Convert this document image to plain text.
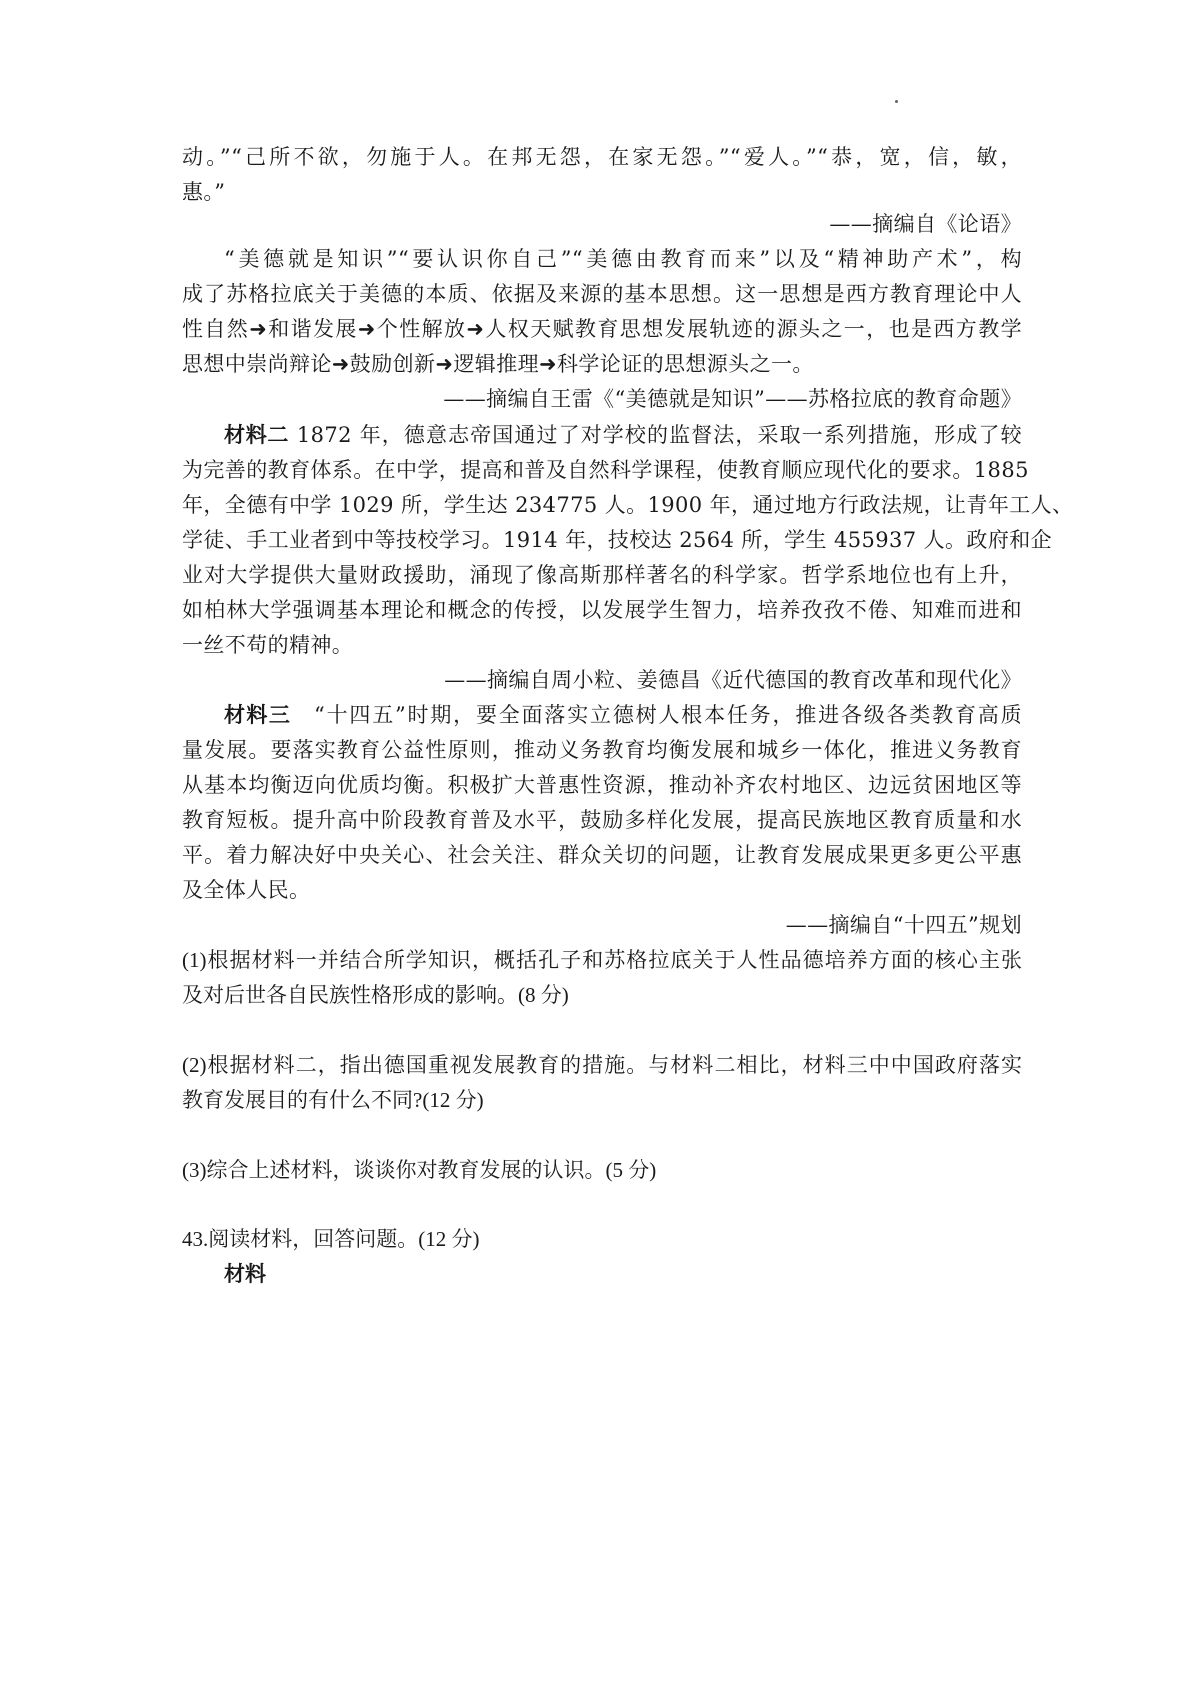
动。”“己所不欲，勿施于人。在邦无怨，在家无怨。”“爱人。”“恭，宽，信，敏，
惠。”
——摘编自《论语》
“美德就是知识”“要认识你自己”“美德由教育而来”以及“精神助产术”，构
成了苏格拉底关于美德的本质、依据及来源的基本思想。这一思想是西方教育理论中人
性自然➜和谐发展➜个性解放➜人权天赋教育思想发展轨迹的源头之一，也是西方教学
思想中崇尚辩论➜鼓励创新➜逻辑推理➜科学论证的思想源头之一。
——摘编自王雷《“美德就是知识”——苏格拉底的教育命题》
材料二 1872 年，德意志帝国通过了对学校的监督法，采取一系列措施，形成了较
为完善的教育体系。在中学，提高和普及自然科学课程，使教育顺应现代化的要求。1885
年，全德有中学 1029 所，学生达 234775 人。1900 年，通过地方行政法规，让青年工人、
学徒、手工业者到中等技校学习。1914 年，技校达 2564 所，学生 455937 人。政府和企
业对大学提供大量财政援助，涌现了像高斯那样著名的科学家。哲学系地位也有上升，
如柏林大学强调基本理论和概念的传授，以发展学生智力，培养孜孜不倦、知难而进和
一丝不苟的精神。
——摘编自周小粒、姜德昌《近代德国的教育改革和现代化》
材料三　“十四五”时期，要全面落实立德树人根本任务，推进各级各类教育高质
量发展。要落实教育公益性原则，推动义务教育均衡发展和城乡一体化，推进义务教育
从基本均衡迈向优质均衡。积极扩大普惠性资源，推动补齐农村地区、边远贫困地区等
教育短板。提升高中阶段教育普及水平，鼓励多样化发展，提高民族地区教育质量和水
平。着力解决好中央关心、社会关注、群众关切的问题，让教育发展成果更多更公平惠
及全体人民。
——摘编自“十四五”规划
(1)根据材料一并结合所学知识，概括孔子和苏格拉底关于人性品德培养方面的核心主张
及对后世各自民族性格形成的影响。(8 分)
(2)根据材料二，指出德国重视发展教育的措施。与材料二相比，材料三中中国政府落实
教育发展目的有什么不同?(12 分)
(3)综合上述材料，谈谈你对教育发展的认识。(5 分)
43.阅读材料，回答问题。(12 分)
材料
